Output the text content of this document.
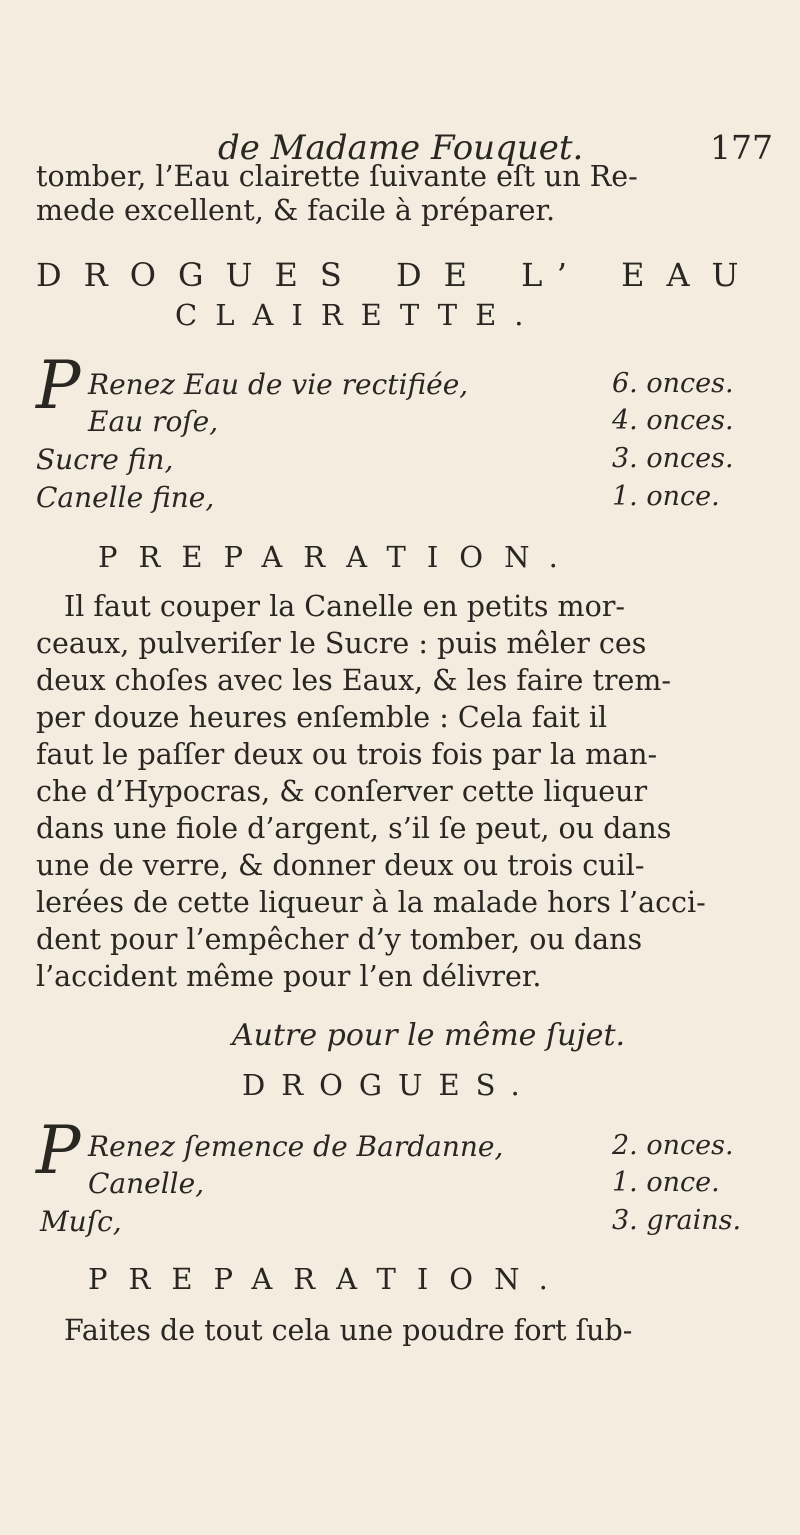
de Madame Fouquet.	177
tomber, l’Eau clairette ſuivante eſt un Re-
mede excellent, & facile à préparer.
DROGUES DE L’ EAU
CLAIRETTE.
P Renez Eau de vie rectifiée,	6. onces.
Eau roſe,	4. onces.
Sucre fin,	3. onces.
Canelle fine,	1. once.
PREPARATION.
Il faut couper la Canelle en petits mor-
ceaux, pulveriſer le Sucre : puis mêler ces
deux choſes avec les Eaux, & les faire trem-
per douze heures enſemble : Cela fait il
faut le paſſer deux ou trois fois par la man-
che d’Hypocras, & conſerver cette liqueur
dans une fiole d’argent, s’il ſe peut, ou dans
une de verre, & donner deux ou trois cuil-
lerées de cette liqueur à la malade hors l’acci-
dent pour l’empêcher d’y tomber, ou dans
l’accident même pour l’en délivrer.
Autre pour le même ſujet.
DROGUES.
P Renez ſemence de Bardanne,	2. onces.
Canelle,	1. once.
Muſc,	3. grains.
PREPARATION.
Faites de tout cela une poudre fort ſub-
